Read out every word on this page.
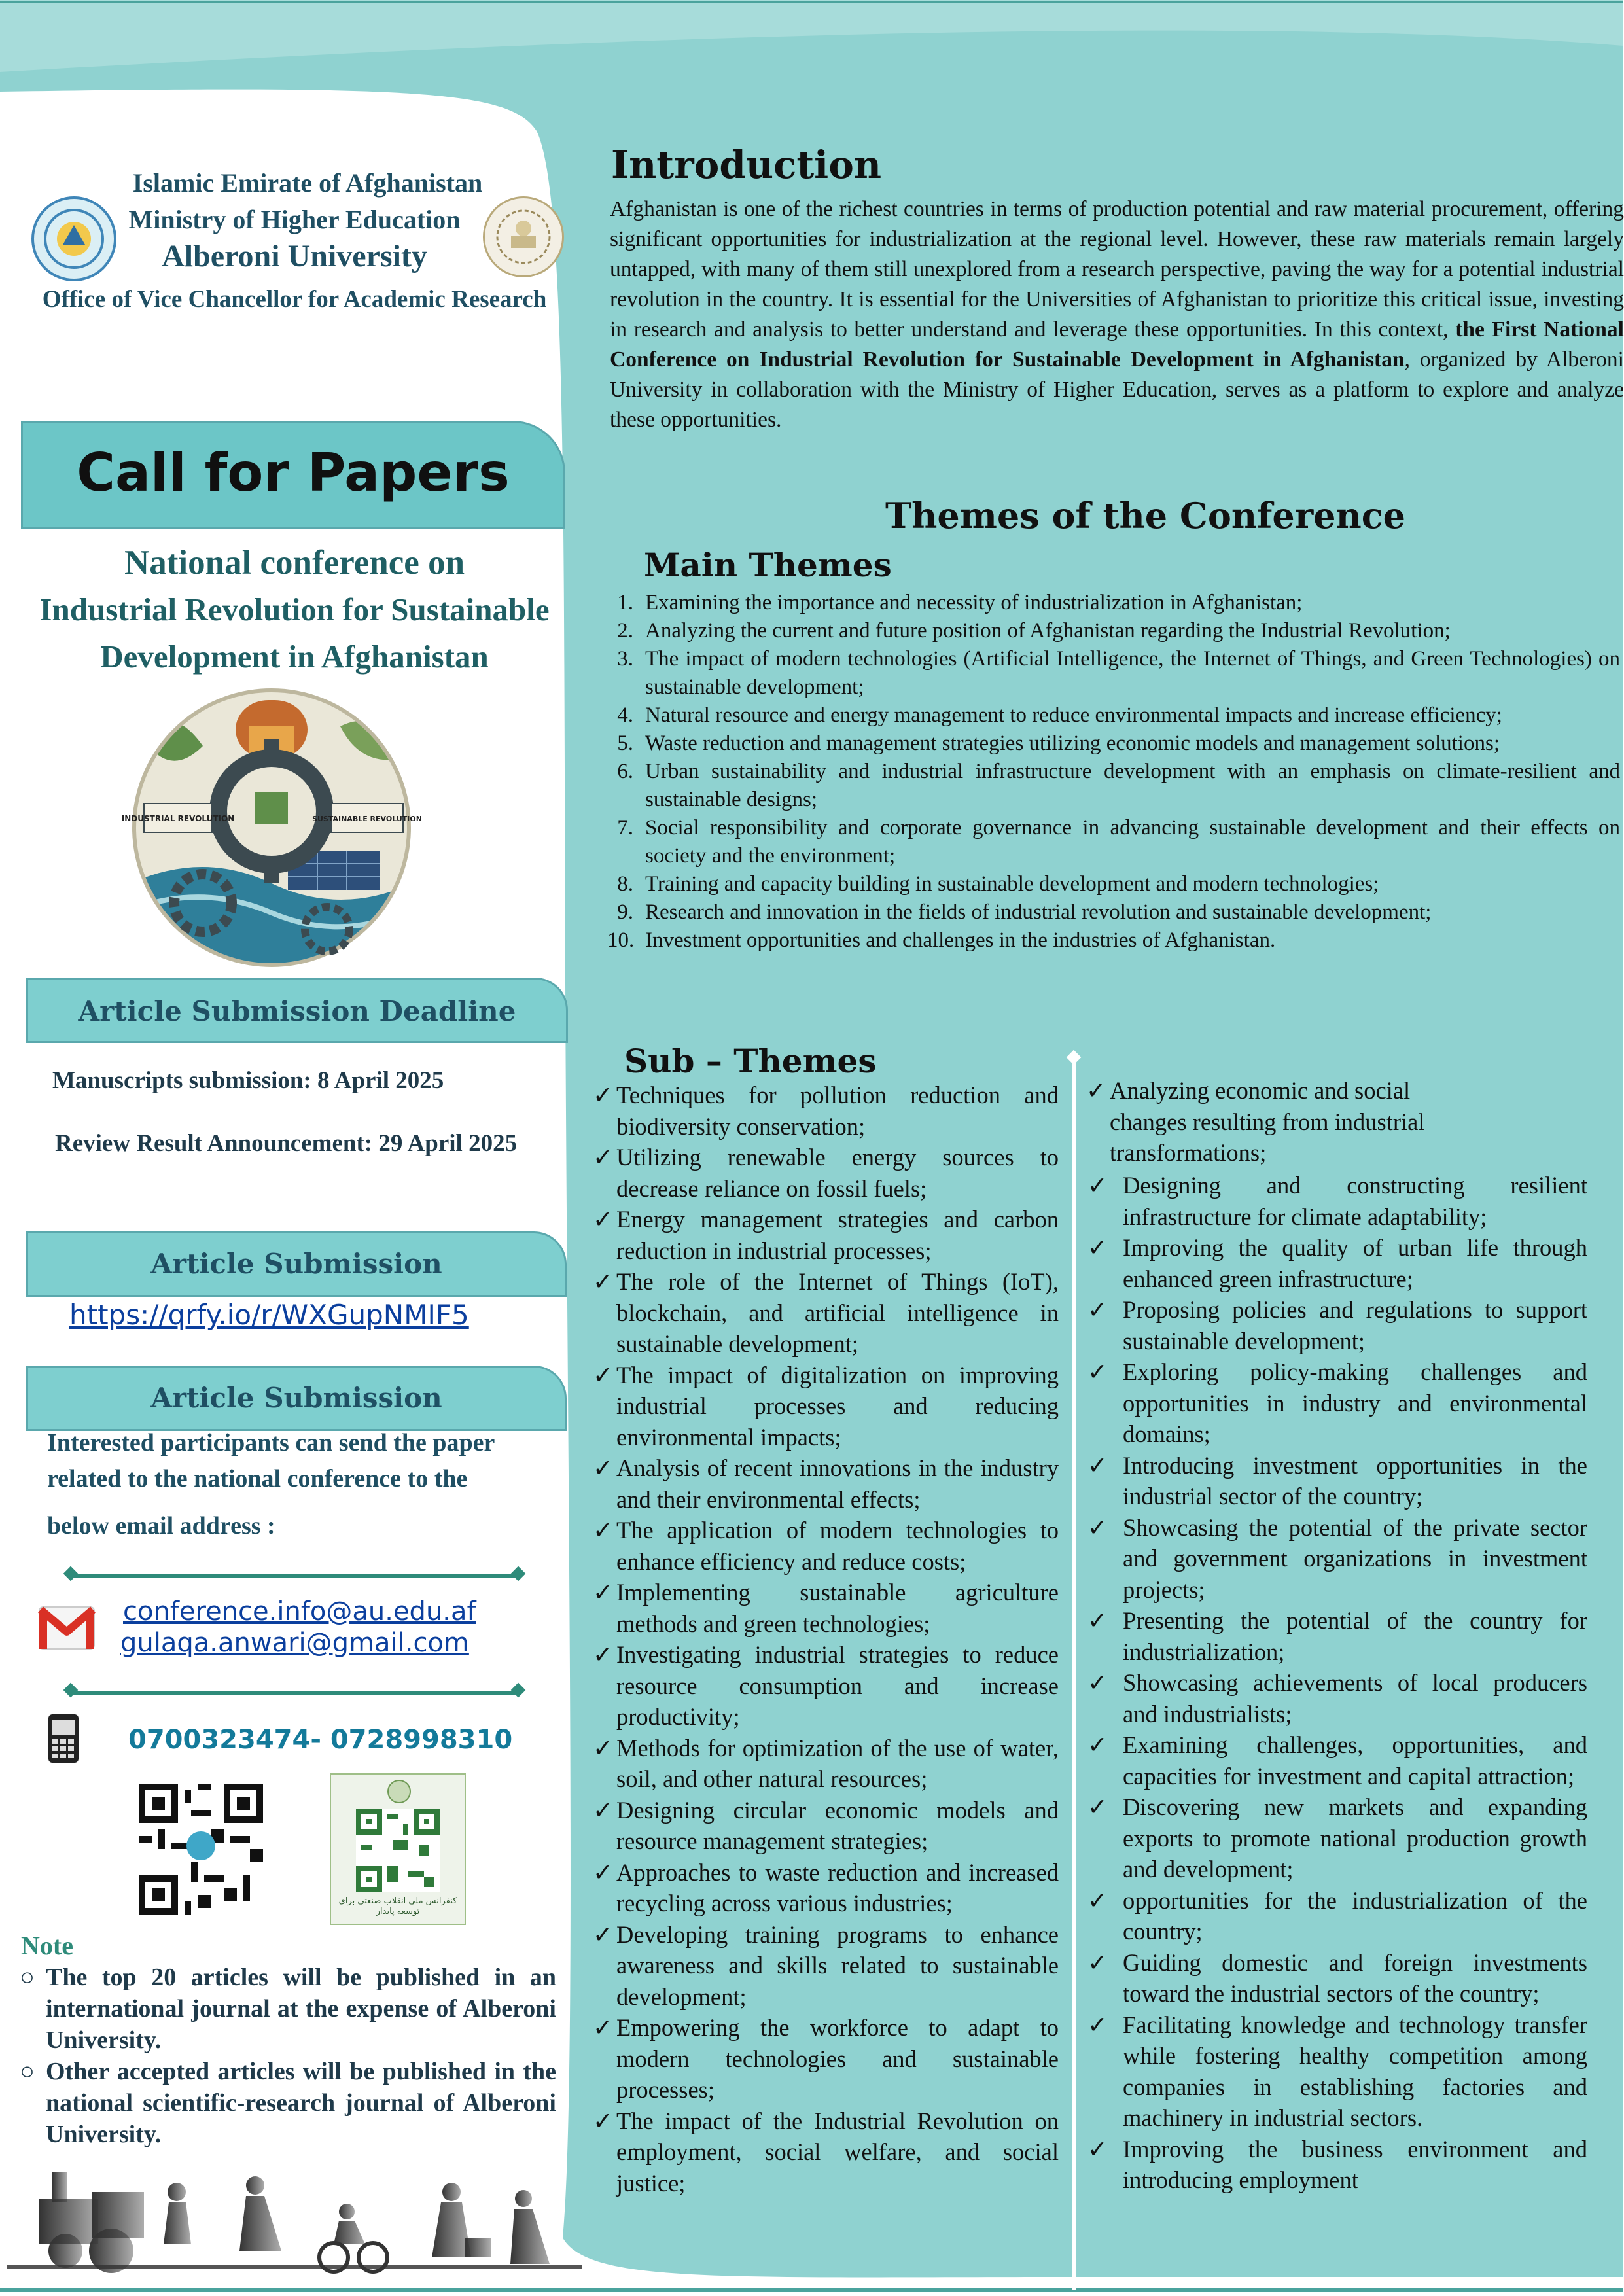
Islamic Emirate of Afghanistan
Ministry of Higher Education
Alberoni University
Office of Vice Chancellor for Academic Research
Call for Papers
National conference on
Industrial Revolution for Sustainable
Development in Afghanistan
INDUSTRIAL REVOLUTION	SUSTAINABLE REVOLUTION
Article Submission Deadline
Manuscripts submission: 8 April 2025
Review Result Announcement: 29 April 2025
Article Submission
https://qrfy.io/r/WXGupNMIF5
Article Submission
Interested participants can send the paper
related to the national conference to the
below email address :
conference.info@au.edu.af
gulaqa.anwari@gmail.com
0700323474- 0728998310
کنفرانس ملی انقلاب صنعتی برای توسعه پایدار
Note
○ The top 20 articles will be published in an international journal at the expense of Alberoni University.
○ Other accepted articles will be published in the national scientific-research journal of Alberoni University.
Introduction
Afghanistan is one of the richest countries in terms of production potential and raw material procurement, offering significant opportunities for industrialization at the regional level. However, these raw materials remain largely untapped, with many of them still unexplored from a research perspective, paving the way for a potential industrial revolution in the country. It is essential for the Universities of Afghanistan to prioritize this critical issue, investing in research and analysis to better understand and leverage these opportunities. In this context, the First National Conference on Industrial Revolution for Sustainable Development in Afghanistan, organized by Alberoni University in collaboration with the Ministry of Higher Education, serves as a platform to explore and analyze these opportunities.
Themes of the Conference
Main Themes
1. Examining the importance and necessity of industrialization in Afghanistan;
2. Analyzing the current and future position of Afghanistan regarding the Industrial Revolution;
3. The impact of modern technologies (Artificial Intelligence, the Internet of Things, and Green Technologies) on sustainable development;
4. Natural resource and energy management to reduce environmental impacts and increase efficiency;
5. Waste reduction and management strategies utilizing economic models and management solutions;
6. Urban sustainability and industrial infrastructure development with an emphasis on climate-resilient and sustainable designs;
7. Social responsibility and corporate governance in advancing sustainable development and their effects on society and the environment;
8. Training and capacity building in sustainable development and modern technologies;
9. Research and innovation in the fields of industrial revolution and sustainable development;
10. Investment opportunities and challenges in the industries of Afghanistan.
Sub – Themes
✓ Techniques for pollution reduction and biodiversity conservation;
✓ Utilizing renewable energy sources to decrease reliance on fossil fuels;
✓ Energy management strategies and carbon reduction in industrial processes;
✓ The role of the Internet of Things (IoT), blockchain, and artificial intelligence in sustainable development;
✓ The impact of digitalization on improving industrial processes and reducing environmental impacts;
✓ Analysis of recent innovations in the industry and their environmental effects;
✓ The application of modern technologies to enhance efficiency and reduce costs;
✓ Implementing sustainable agriculture methods and green technologies;
✓ Investigating industrial strategies to reduce resource consumption and increase productivity;
✓ Methods for optimization of the use of water, soil, and other natural resources;
✓ Designing circular economic models and resource management strategies;
✓ Approaches to waste reduction and increased recycling across various industries;
✓ Developing training programs to enhance awareness and skills related to sustainable development;
✓ Empowering the workforce to adapt to modern technologies and sustainable processes;
✓ The impact of the Industrial Revolution on employment, social welfare, and social justice;
✓ Analyzing economic and social changes resulting from industrial transformations;
✓ Designing and constructing resilient infrastructure for climate adaptability;
✓ Improving the quality of urban life through enhanced green infrastructure;
✓ Proposing policies and regulations to support sustainable development;
✓ Exploring policy-making challenges and opportunities in industry and environmental domains;
✓ Introducing investment opportunities in the industrial sector of the country;
✓ Showcasing the potential of the private sector and government organizations in investment projects;
✓ Presenting the potential of the country for industrialization;
✓ Showcasing achievements of local producers and industrialists;
✓ Examining challenges, opportunities, and capacities for investment and capital attraction;
✓ Discovering new markets and expanding exports to promote national production growth and development;
✓ opportunities for the industrialization of the country;
✓ Guiding domestic and foreign investments toward the industrial sectors of the country;
✓ Facilitating knowledge and technology transfer while fostering healthy competition among companies in establishing factories and machinery in industrial sectors.
✓ Improving the business environment and introducing employment
